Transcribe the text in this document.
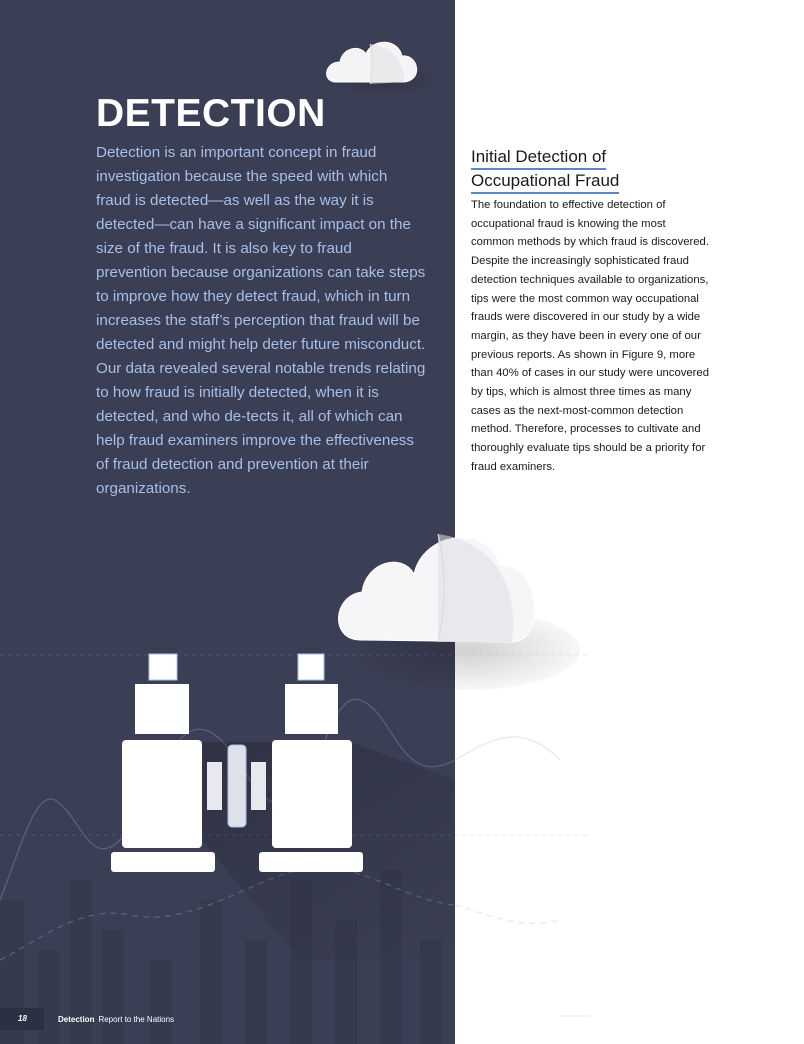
DETECTION

Detection is an important concept in fraud investigation because the speed with which fraud is detected—as well as the way it is detected—can have a significant impact on the size of the fraud. It is also key to fraud prevention because organizations can take steps to improve how they detect fraud, which in turn increases the staff’s perception that fraud will be detected and might help deter future misconduct. Our data revealed several notable trends relating to how fraud is initially detected, when it is detected, and who de-tects it, all of which can help fraud examiners improve the effectiveness of fraud detection and prevention at their organizations.

Initial Detection of
Occupational Fraud

The foundation to effective detection of occupational fraud is knowing the most common methods by which fraud is discovered. Despite the increasingly sophisticated fraud detection techniques available to organizations, tips were the most common way occupational frauds were discovered in our study by a wide margin, as they have been in every one of our previous reports. As shown in Figure 9, more than 40% of cases in our study were uncovered by tips, which is almost three times as many cases as the next-most-common detection method. Therefore, processes to cultivate and thoroughly evaluate tips should be a priority for fraud examiners.

18	Detection Report to the Nations
